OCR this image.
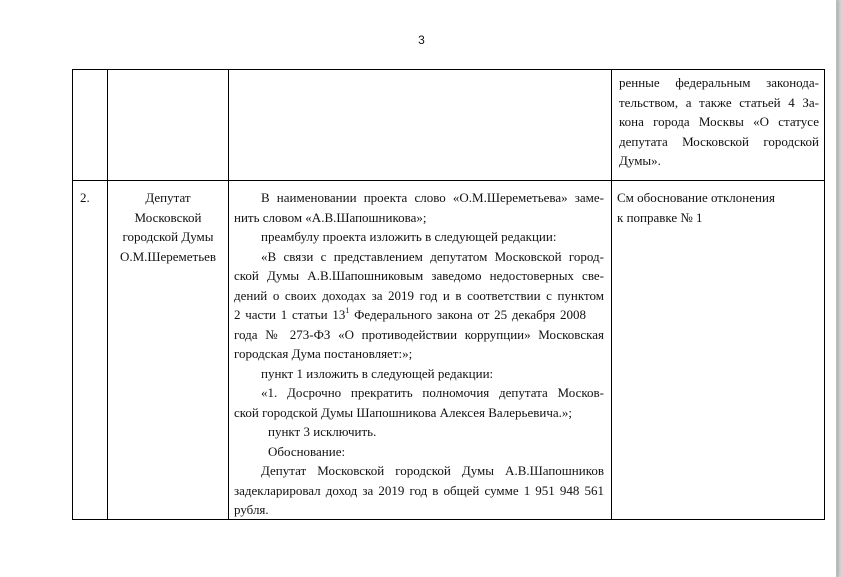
3
ренные федеральным законода-
тельством, а также статьей 4 За-
кона города Москвы «О статусе
депутата Московской городской
Думы».
2.	Депутат
Московской
городской Думы
О.М.Шереметьев
В наименовании проекта слово «О.М.Шереметьева» заме-
нить словом «А.В.Шапошникова»;
преамбулу проекта изложить в следующей редакции:
«В связи с представлением депутатом Московской город-
ской Думы А.В.Шапошниковым заведомо недостоверных све-
дений о своих доходах за 2019 год и в соответствии с пунктом
2 части 1 статьи $13^1$ Федерального закона от 25 декабря 2008
года № 273-ФЗ «О противодействии коррупции» Московская
городская Дума постановляет:»;
пункт 1 изложить в следующей редакции:
«1. Досрочно прекратить полномочия депутата Москов-
ской городской Думы Шапошникова Алексея Валерьевича.»;
пункт 3 исключить.
Обоснование:
Депутат Московской городской Думы А.В.Шапошников
задекларировал доход за 2019 год в общей сумме 1 951 948 561
рубля.
См обоснование отклонения
к поправке № 1
